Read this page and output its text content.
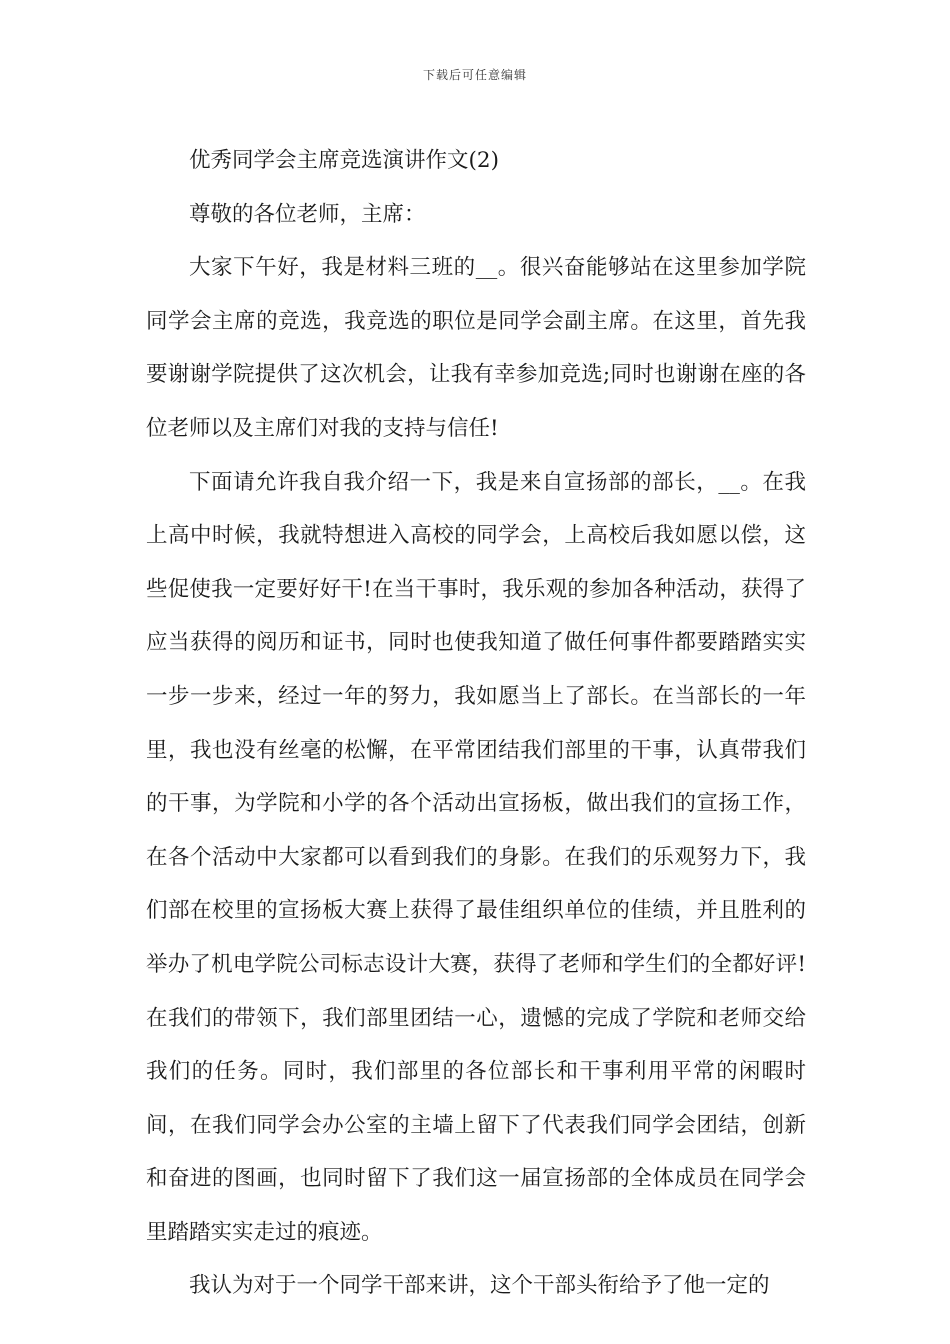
下载后可任意编辑

优秀同学会主席竞选演讲作文(2)

尊敬的各位老师，主席：

大家下午好，我是材料三班的__。很兴奋能够站在这里参加学院同学会主席的竞选，我竞选的职位是同学会副主席。在这里，首先我要谢谢学院提供了这次机会，让我有幸参加竞选;同时也谢谢在座的各位老师以及主席们对我的支持与信任!

下面请允许我自我介绍一下，我是来自宣扬部的部长，__。在我上高中时候，我就特想进入高校的同学会，上高校后我如愿以偿，这些促使我一定要好好干!在当干事时，我乐观的参加各种活动，获得了应当获得的阅历和证书，同时也使我知道了做任何事件都要踏踏实实一步一步来，经过一年的努力，我如愿当上了部长。在当部长的一年里，我也没有丝毫的松懈，在平常团结我们部里的干事，认真带我们的干事，为学院和小学的各个活动出宣扬板，做出我们的宣扬工作，在各个活动中大家都可以看到我们的身影。在我们的乐观努力下，我们部在校里的宣扬板大赛上获得了最佳组织单位的佳绩，并且胜利的举办了机电学院公司标志设计大赛，获得了老师和学生们的全都好评!在我们的带领下，我们部里团结一心，遗憾的完成了学院和老师交给我们的任务。同时，我们部里的各位部长和干事利用平常的闲暇时间，在我们同学会办公室的主墙上留下了代表我们同学会团结，创新和奋进的图画，也同时留下了我们这一届宣扬部的全体成员在同学会里踏踏实实走过的痕迹。

我认为对于一个同学干部来讲，这个干部头衔给予了他一定的
